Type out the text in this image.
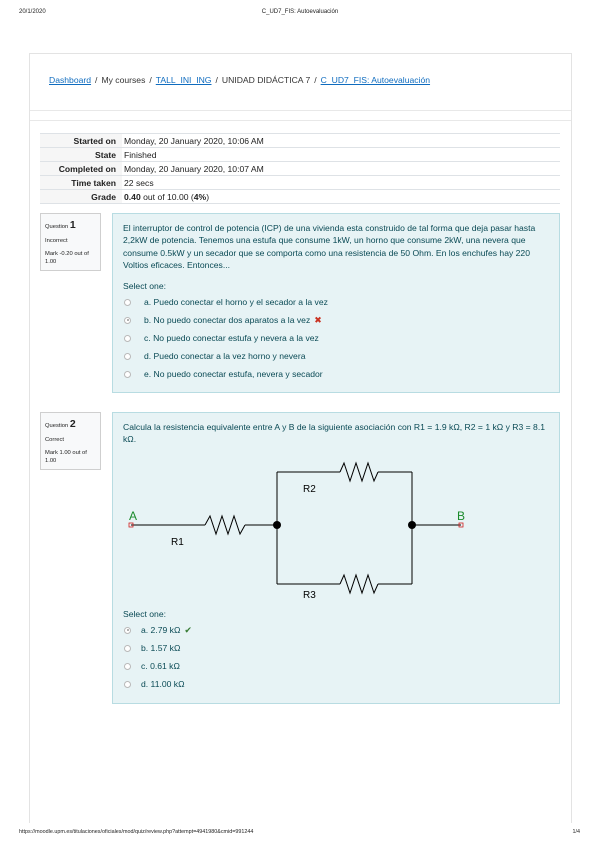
20/1/2020	C_UD7_FIS: Autoevaluación
Dashboard / My courses / TALL_INI_ING / UNIDAD DIDÁCTICA 7 / C_UD7_FIS: Autoevaluación
Started on	Monday, 20 January 2020, 10:06 AM
State	Finished
Completed on	Monday, 20 January 2020, 10:07 AM
Time taken	22 secs
Grade	0.40 out of 10.00 (4%)
Question 1
Incorrect
Mark -0.20 out of 1.00
El interruptor de control de potencia (ICP) de una vivienda esta construido de tal forma que deja pasar hasta 2,2kW de potencia. Tenemos una estufa que consume 1kW, un horno que consume 2kW, una nevera que consume 0.5kW y un secador que se comporta como una resistencia de 50 Ohm. En los enchufes hay 220 Voltios eficaces. Entonces...
Select one:
a. Puedo conectar el horno y el secador a la vez
b. No puedo conectar dos aparatos a la vez ✖
c. No puedo conectar estufa y nevera a la vez
d. Puedo conectar a la vez horno y nevera
e. No puedo conectar estufa, nevera y secador
Question 2
Correct
Mark 1.00 out of 1.00
Calcula la resistencia equivalente entre A y B de la siguiente asociación con R1 = 1.9 kΩ, R2 = 1 kΩ y R3 = 8.1 kΩ.
A	B
R1
R2
R3
Select one:
a. 2.79 kΩ ✔
b. 1.57 kΩ
c. 0.61 kΩ
d. 11.00 kΩ
https://moodle.upm.es/titulaciones/oficiales/mod/quiz/review.php?attempt=4941980&cmid=991244	1/4
